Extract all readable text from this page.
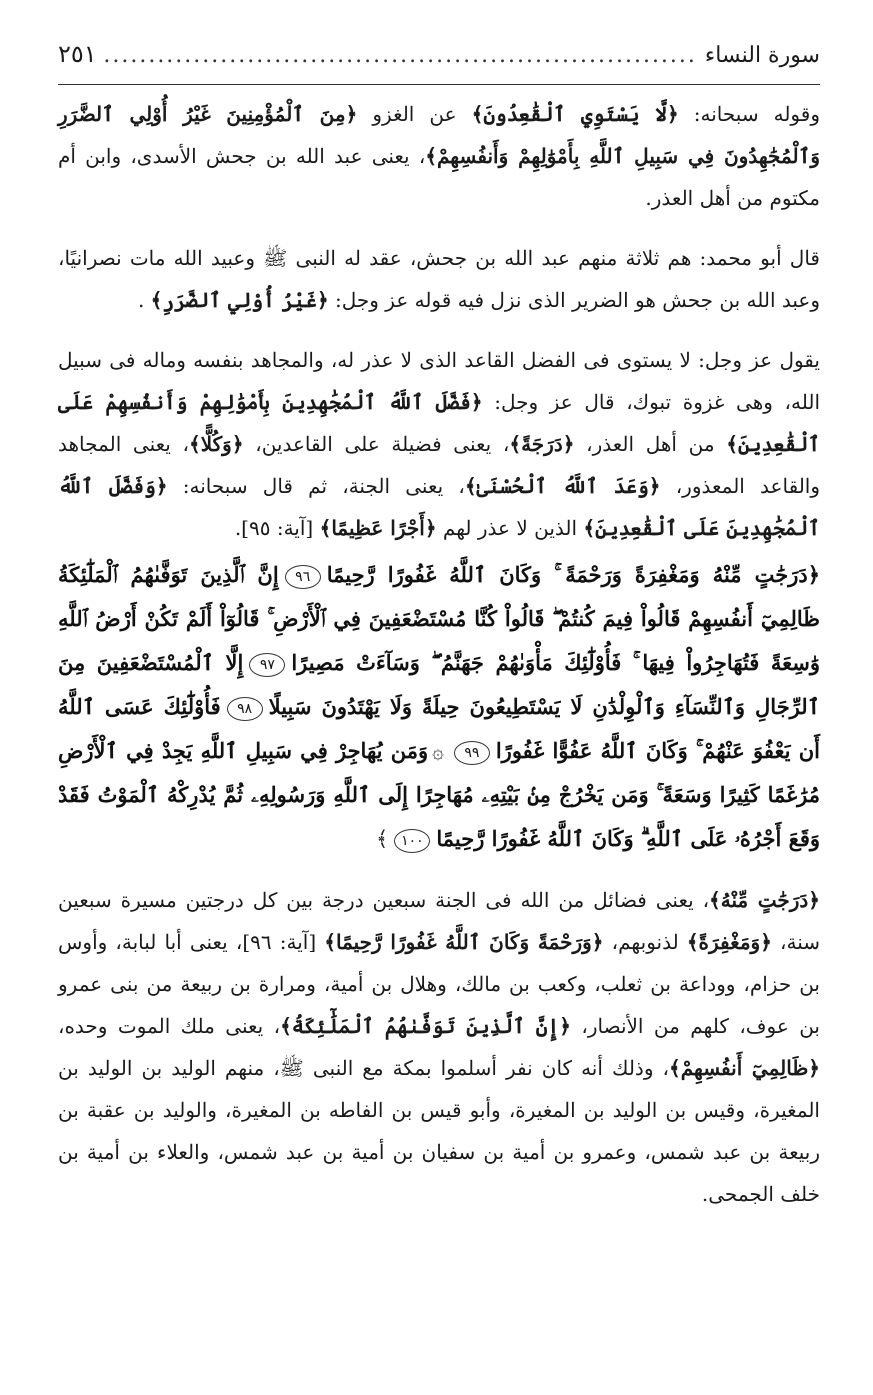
سورة النساء
.....
٢٥١

وقوله سبحانه: ﴿لَّا يَسْتَوِي ٱلْقَٰعِدُونَ﴾ عن الغزو ﴿مِنَ ٱلْمُؤْمِنِينَ غَيْرُ أُوْلِي ٱلضَّرَرِ وَٱلْمُجَٰهِدُونَ فِي سَبِيلِ ٱللَّهِ بِأَمْوَٰلِهِمْ وَأَنفُسِهِمْ﴾، يعنى عبد الله بن جحش الأسدى، وابن أم مكتوم من أهل العذر.

قال أبو محمد: هم ثلاثة منهم عبد الله بن جحش، عقد له النبى ﷺ وعبيد الله مات نصرانيًا، وعبد الله بن جحش هو الضرير الذى نزل فيه قوله عز وجل: ﴿غَيْرُ أُوْلِي ٱلضَّرَرِ﴾ .

يقول عز وجل: لا يستوى فى الفضل القاعد الذى لا عذر له، والمجاهد بنفسه وماله فى سبيل الله، وهى غزوة تبوك، قال عز وجل: ﴿فَضَّلَ ٱللَّهُ ٱلْمُجَٰهِدِينَ بِأَمْوَٰلِهِمْ وَأَنفُسِهِمْ عَلَى ٱلْقَٰعِدِينَ﴾ من أهل العذر، ﴿دَرَجَةً﴾، يعنى فضيلة على القاعدين، ﴿وَكُلًّا﴾، يعنى المجاهد والقاعد المعذور، ﴿وَعَدَ ٱللَّهُ ٱلْحُسْنَىٰ﴾، يعنى الجنة، ثم قال سبحانه: ﴿وَفَضَّلَ ٱللَّهُ ٱلْمُجَٰهِدِينَ عَلَى ٱلْقَٰعِدِينَ﴾ الذين لا عذر لهم ﴿أَجْرًا عَظِيمًا﴾ [آية: ٩٥].

﴿دَرَجَٰتٍ مِّنْهُ وَمَغْفِرَةً وَرَحْمَةً ۚ وَكَانَ ٱللَّهُ غَفُورًا رَّحِيمًا٩٦إِنَّ ٱلَّذِينَ تَوَفَّىٰهُمُ ٱلْمَلَٰٓئِكَةُ ظَالِمِيٓ أَنفُسِهِمْ قَالُواْ فِيمَ كُنتُمْ ۖ قَالُواْ كُنَّا مُسْتَضْعَفِينَ فِي ٱلْأَرْضِ ۚ قَالُوٓاْ أَلَمْ تَكُنْ أَرْضُ ٱللَّهِ وَٰسِعَةً فَتُهَاجِرُواْ فِيهَا ۚ فَأُوْلَٰٓئِكَ مَأْوَىٰهُمْ جَهَنَّمُ ۖ وَسَآءَتْ مَصِيرًا٩٧إِلَّا ٱلْمُسْتَضْعَفِينَ مِنَ ٱلرِّجَالِ وَٱلنِّسَآءِ وَٱلْوِلْدَٰنِ لَا يَسْتَطِيعُونَ حِيلَةً وَلَا يَهْتَدُونَ سَبِيلًا٩٨فَأُوْلَٰٓئِكَ عَسَى ٱللَّهُ أَن يَعْفُوَ عَنْهُمْ ۚ وَكَانَ ٱللَّهُ عَفُوًّا غَفُورًا٩٩۞وَمَن يُهَاجِرْ فِي سَبِيلِ ٱللَّهِ يَجِدْ فِي ٱلْأَرْضِ مُرَٰغَمًا كَثِيرًا وَسَعَةً ۚ وَمَن يَخْرُجْ مِنۢ بَيْتِهِۦ مُهَاجِرًا إِلَى ٱللَّهِ وَرَسُولِهِۦ ثُمَّ يُدْرِكْهُ ٱلْمَوْتُ فَقَدْ وَقَعَ أَجْرُهُۥ عَلَى ٱللَّهِ ۗ وَكَانَ ٱللَّهُ غَفُورًا رَّحِيمًا١٠٠﴾

﴿دَرَجَٰتٍ مِّنْهُ﴾، يعنى فضائل من الله فى الجنة سبعين درجة بين كل درجتين مسيرة سبعين سنة، ﴿وَمَغْفِرَةً﴾ لذنوبهم، ﴿وَرَحْمَةً وَكَانَ ٱللَّهُ غَفُورًا رَّحِيمًا﴾ [آية: ٩٦]، يعنى أبا لبابة، وأوس بن حزام، ووداعة بن ثعلب، وكعب بن مالك، وهلال بن أمية، ومرارة بن ربيعة من بنى عمرو بن عوف، كلهم من الأنصار، ﴿إِنَّ ٱلَّذِينَ تَوَفَّىٰهُمُ ٱلْمَلَٰٓئِكَةُ﴾، يعنى ملك الموت وحده، ﴿ظَالِمِيٓ أَنفُسِهِمْ﴾، وذلك أنه كان نفر أسلموا بمكة مع النبى ﷺ، منهم الوليد بن الوليد بن المغيرة، وقيس بن الوليد بن المغيرة، وأبو قيس بن الفاطه بن المغيرة، والوليد بن عقبة بن ربيعة بن عبد شمس، وعمرو بن أمية بن سفيان بن أمية بن عبد شمس، والعلاء بن أمية بن خلف الجمحى.
